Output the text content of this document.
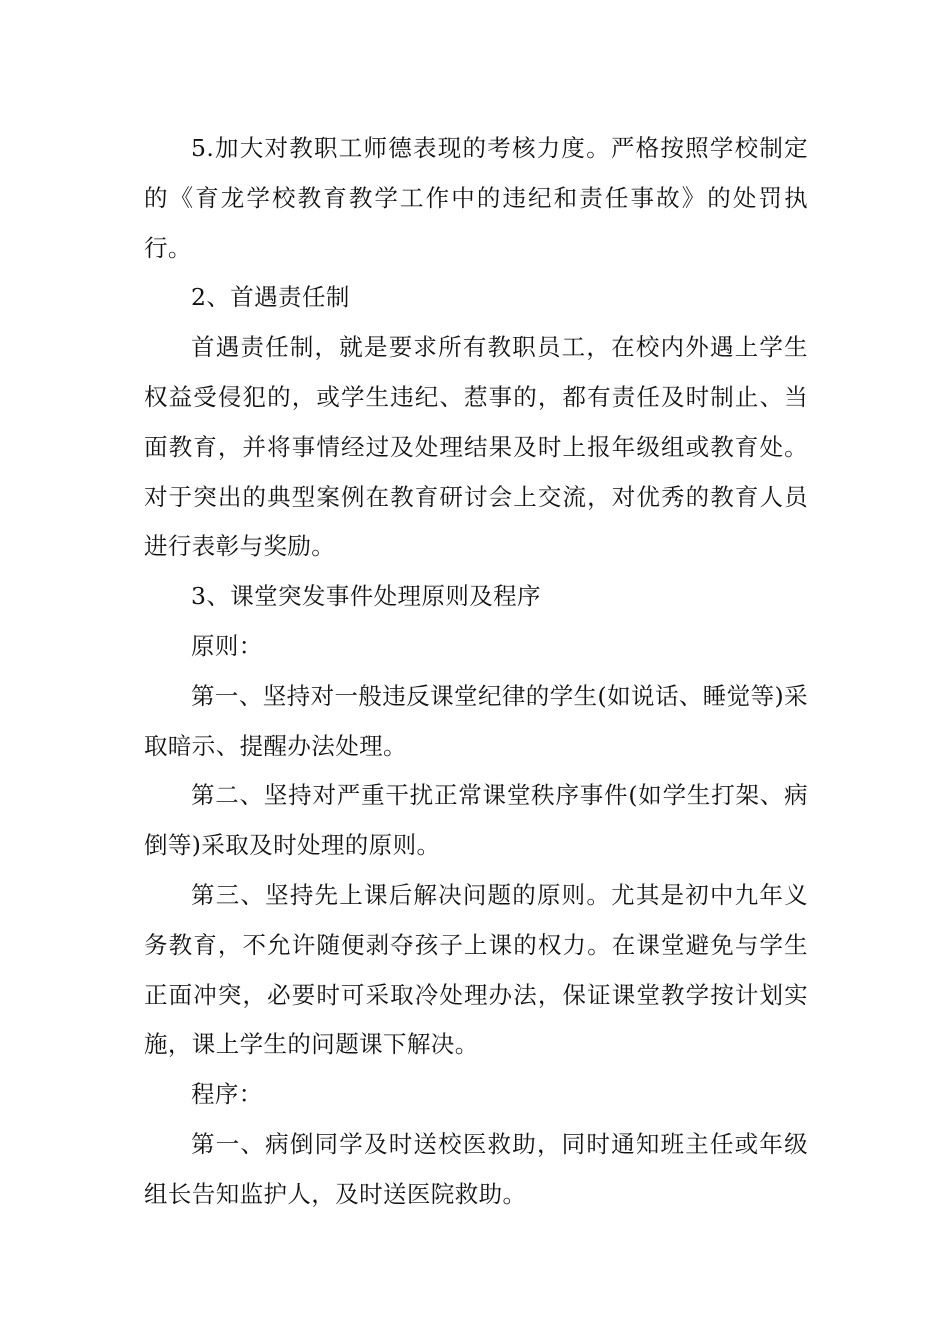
5.加大对教职工师德表现的考核力度。严格按照学校制定的《育龙学校教育教学工作中的违纪和责任事故》的处罚执行。

2、首遇责任制

首遇责任制，就是要求所有教职员工，在校内外遇上学生权益受侵犯的，或学生违纪、惹事的，都有责任及时制止、当面教育，并将事情经过及处理结果及时上报年级组或教育处。对于突出的典型案例在教育研讨会上交流，对优秀的教育人员进行表彰与奖励。

3、课堂突发事件处理原则及程序

原则：

第一、坚持对一般违反课堂纪律的学生(如说话、睡觉等)采取暗示、提醒办法处理。

第二、坚持对严重干扰正常课堂秩序事件(如学生打架、病倒等)采取及时处理的原则。

第三、坚持先上课后解决问题的原则。尤其是初中九年义务教育，不允许随便剥夺孩子上课的权力。在课堂避免与学生正面冲突，必要时可采取冷处理办法，保证课堂教学按计划实施，课上学生的问题课下解决。

程序：

第一、病倒同学及时送校医救助，同时通知班主任或年级组长告知监护人，及时送医院救助。
